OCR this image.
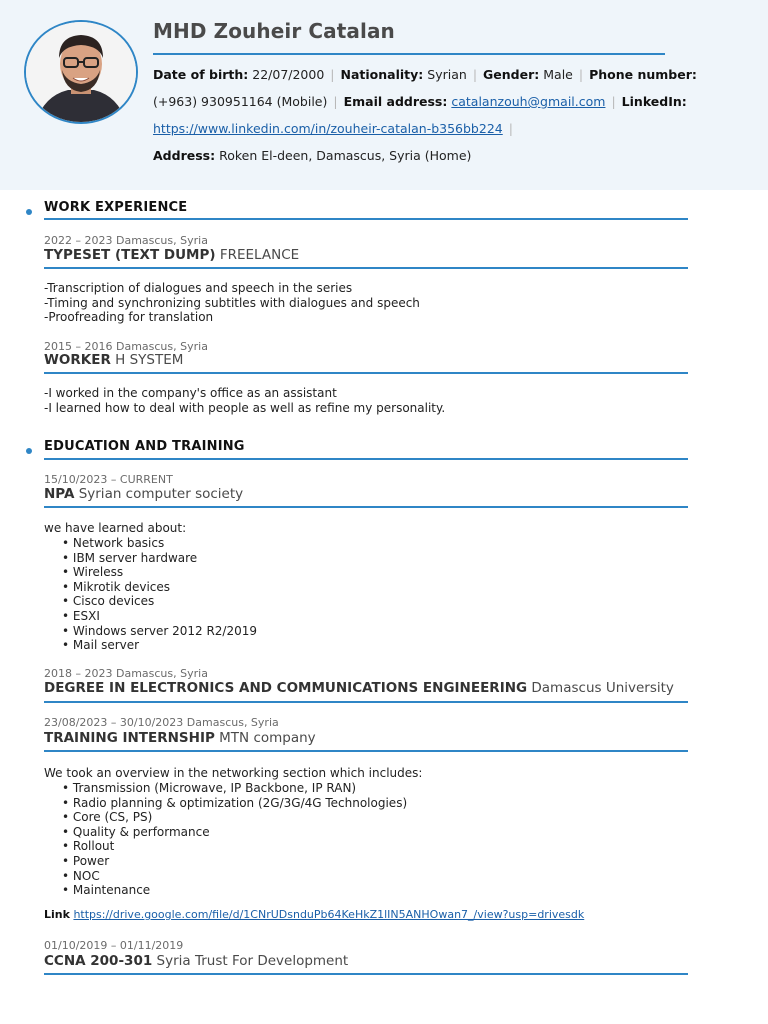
MHD Zouheir Catalan
Date of birth: 22/07/2000 | Nationality: Syrian | Gender: Male | Phone number:
(+963) 930951164 (Mobile) | Email address: catalanzouh@gmail.com | LinkedIn:
https://www.linkedin.com/in/zouheir-catalan-b356bb224 |
Address: Roken El-deen, Damascus, Syria (Home)
WORK EXPERIENCE
2022 – 2023 Damascus, Syria
TYPESET (TEXT DUMP) FREELANCE
-Transcription of dialogues and speech in the series
-Timing and synchronizing subtitles with dialogues and speech
-Proofreading for translation
2015 – 2016 Damascus, Syria
WORKER H SYSTEM
-I worked in the company's office as an assistant
-I learned how to deal with people as well as refine my personality.
EDUCATION AND TRAINING
15/10/2023 – CURRENT
NPA Syrian computer society
we have learned about:
• Network basics
• IBM server hardware
• Wireless
• Mikrotik devices
• Cisco devices
• ESXI
• Windows server 2012 R2/2019
• Mail server
2018 – 2023 Damascus, Syria
DEGREE IN ELECTRONICS AND COMMUNICATIONS ENGINEERING Damascus University
23/08/2023 – 30/10/2023 Damascus, Syria
TRAINING INTERNSHIP MTN company
We took an overview in the networking section which includes:
• Transmission (Microwave, IP Backbone, IP RAN)
• Radio planning & optimization (2G/3G/4G Technologies)
• Core (CS, PS)
• Quality & performance
• Rollout
• Power
• NOC
• Maintenance
Link https://drive.google.com/file/d/1CNrUDsnduPb64KeHkZ1lIN5ANHOwan7_/view?usp=drivesdk
01/10/2019 – 01/11/2019
CCNA 200-301 Syria Trust For Development
